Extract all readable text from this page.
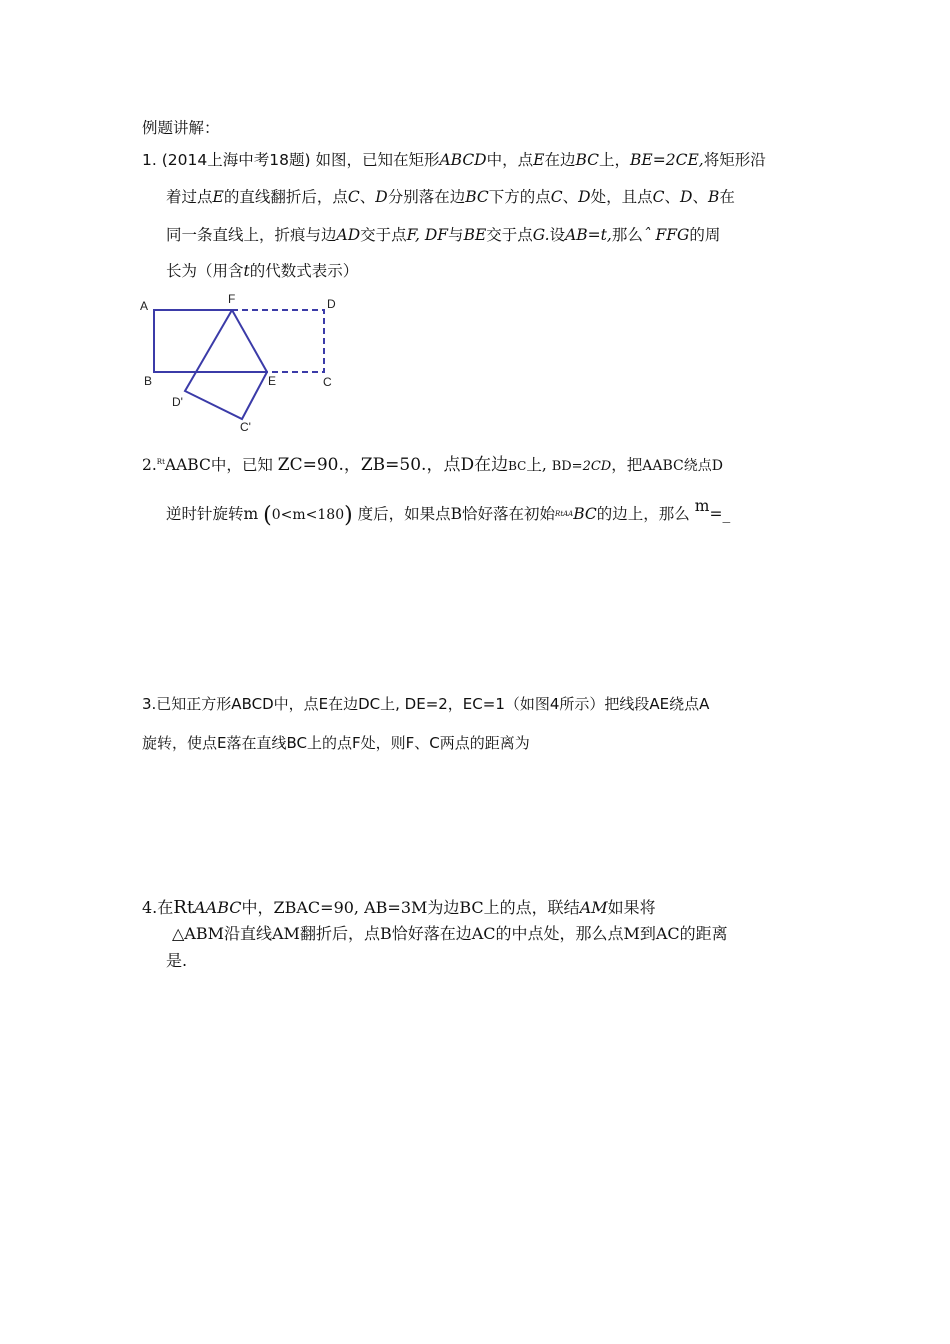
例题讲解：
1. (2014上海中考18题) 如图，已知在矩形ABCD中，点E在边BC上，BE=2CE,将矩形沿
着过点E的直线翻折后，点C、D分别落在边BC下方的点C、D处，且点C、D、B在
同一条直线上，折痕与边AD交于点F, DF与BE交于点G.设AB=t,那么ˆ FFG的周
长为（用含t的代数式表示）
A	F	D
B	E	C
D'
C'
2.$^{Rt}$AABC中，已知 ZC=90.，ZB=50.，点D在边BC上, BD=2CD，把AABC绕点D
逆时针旋转m (0<m<180) 度后，如果点B恰好落在初始RtAABC的边上，那么 m=_
3.已知正方形ABCD中，点E在边DC上, DE=2，EC=1（如图4所示）把线段AE绕点A
旋转，使点E落在直线BC上的点F处，则F、C两点的距离为
4.在RtAABC中，ZBAC=90, AB=3M为边BC上的点，联结AM如果将
△ABM沿直线AM翻折后，点B恰好落在边AC的中点处，那么点M到AC的距离
是.
